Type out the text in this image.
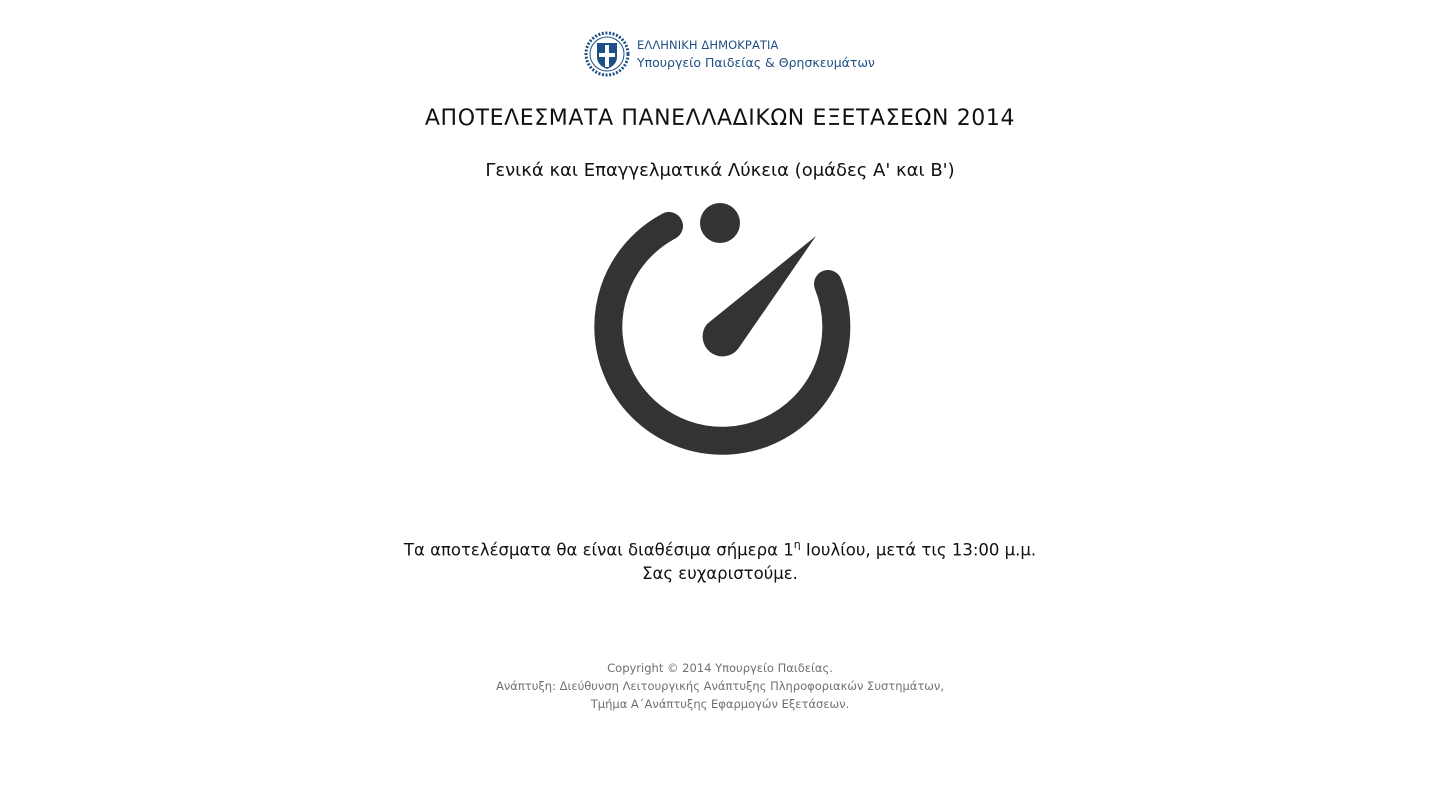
ΕΛΛΗΝΙΚΗ ΔΗΜΟΚΡΑΤΙΑ
Υπουργείο Παιδείας & Θρησκευμάτων
ΑΠΟΤΕΛΕΣΜΑΤΑ ΠΑΝΕΛΛΑΔΙΚΩΝ ΕΞΕΤΑΣΕΩΝ 2014
Γενικά και Επαγγελματικά Λύκεια (ομάδες Α' και Β')
Τα αποτελέσματα θα είναι διαθέσιμα σήμερα $1^\eta$ Ιουλίου, μετά τις 13:00 μ.μ.
Σας ευχαριστούμε.
Copyright © 2014 Υπουργείο Παιδείας.
Ανάπτυξη: Διεύθυνση Λειτουργικής Ανάπτυξης Πληροφοριακών Συστημάτων,
Τμήμα Α΄Ανάπτυξης Εφαρμογών Εξετάσεων.
